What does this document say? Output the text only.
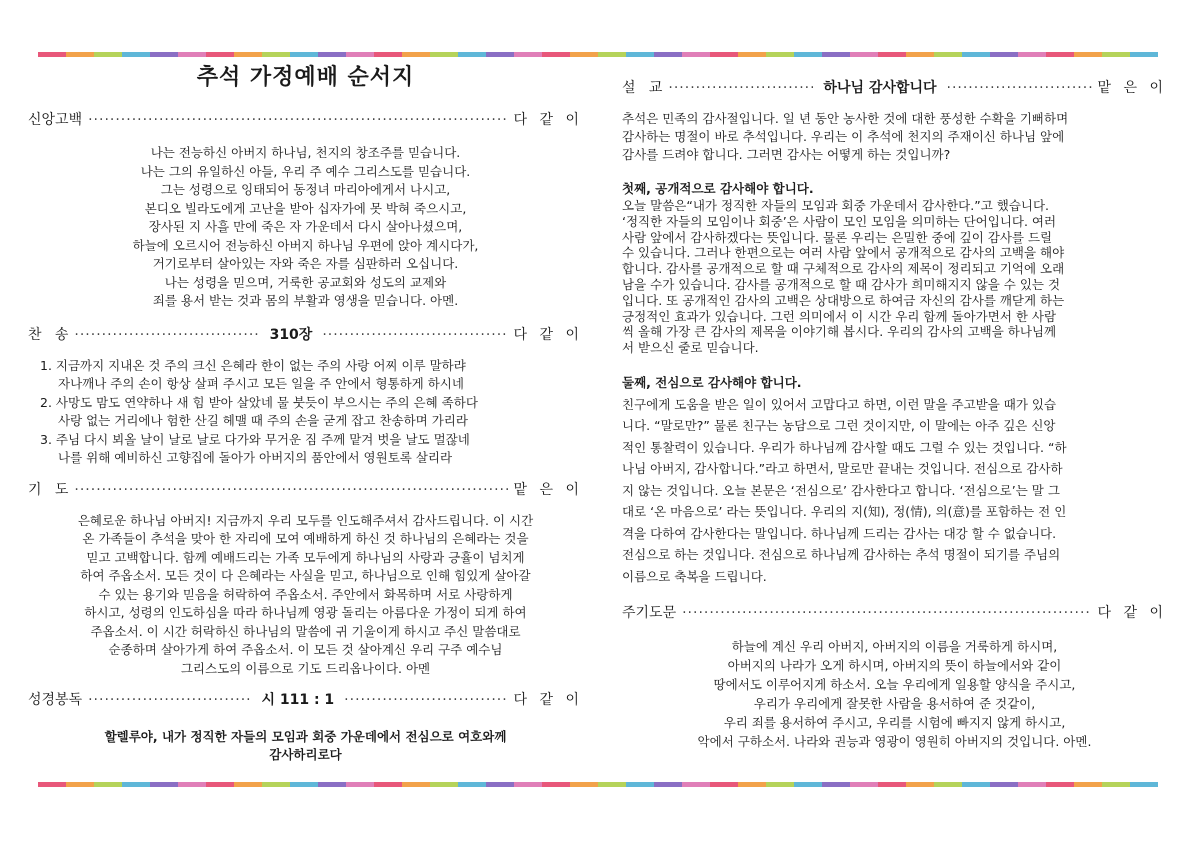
추석 가정예배 순서지
신앙고백 ·····	다 같 이

나는 전능하신 아버지 하나님, 천지의 창조주를 믿습니다.

나는 그의 유일하신 아들, 우리 주 예수 그리스도를 믿습니다.

그는 성령으로 잉태되어 동정녀 마리아에게서 나시고,

본디오 빌라도에게 고난을 받아 십자가에 못 박혀 죽으시고,

장사된 지 사흘 만에 죽은 자 가운데서 다시 살아나셨으며,

하늘에 오르시어 전능하신 아버지 하나님 우편에 앉아 계시다가,

거기로부터 살아있는 자와 죽은 자를 심판하러 오십니다.

나는 성령을 믿으며, 거룩한 공교회와 성도의 교제와

죄를 용서 받는 것과 몸의 부활과 영생을 믿습니다. 아멘.

찬   송 ·····	310장 ·····	다 같 이

1. 지금까지 지내온 것 주의 크신 은혜라 한이 없는 주의 사랑 어찌 이루 말하랴

자나깨나 주의 손이 항상 살펴 주시고 모든 일을 주 안에서 형통하게 하시네

2. 사망도 맘도 연약하나 새 힘 받아 살았네 물 붓듯이 부으시는 주의 은혜 족하다

사랑 없는 거리에나 험한 산길 헤맬 때 주의 손을 굳게 잡고 찬송하며 가리라

3. 주님 다시 뵈올 날이 날로 날로 다가와 무거운 짐 주께 맡겨 벗을 날도 멀잖네

나를 위해 예비하신 고향집에 돌아가 아버지의 품안에서 영원토록 살리라

기   도 ·····	맡 은 이

은혜로운 하나님 아버지! 지금까지 우리 모두를 인도해주셔서 감사드립니다. 이 시간

온 가족들이 추석을 맞아 한 자리에 모여 예배하게 하신 것 하나님의 은혜라는 것을

믿고 고백합니다. 함께 예배드리는 가족 모두에게 하나님의 사랑과 긍휼이 넘치게

하여 주옵소서. 모든 것이 다 은혜라는 사실을 믿고, 하나님으로 인해 힘있게 살아갈

수 있는 용기와 믿음을 허락하여 주옵소서. 주안에서 화목하며 서로 사랑하게

하시고, 성령의 인도하심을 따라 하나님께 영광 돌리는 아름다운 가정이 되게 하여

주옵소서. 이 시간 허락하신 하나님의 말씀에 귀 기울이게 하시고 주신 말씀대로

순종하며 살아가게 하여 주옵소서. 이 모든 것 살아계신 우리 구주 예수님

그리스도의 이름으로 기도 드리옵나이다. 아멘

성경봉독 ·····	시 111 : 1 ·····	다 같 이

할렐루야, 내가 정직한 자들의 모임과 회중 가운데에서 전심으로 여호와께

감사하리로다

설   교 ·····	하나님 감사합니다 ·····	맡 은 이

추석은 민족의 감사절입니다. 일 년 동안 농사한 것에 대한 풍성한 수확을 기뻐하며

감사하는 명절이 바로 추석입니다. 우리는 이 추석에 천지의 주재이신 하나님 앞에

감사를 드려야 합니다. 그러면 감사는 어떻게 하는 것입니까?

첫째, 공개적으로 감사해야 합니다.

오늘 말씀은“내가 정직한 자들의 모임과 회중 가운데서 감사한다.”고 했습니다.

‘정직한 자들의 모임이나 회중’은 사람이 모인 모임을 의미하는 단어입니다. 여러

사람 앞에서 감사하겠다는 뜻입니다. 물론 우리는 은밀한 중에 깊이 감사를 드릴

수 있습니다. 그러나 한편으로는 여러 사람 앞에서 공개적으로 감사의 고백을 해야

합니다. 감사를 공개적으로 할 때 구체적으로 감사의 제목이 정리되고 기억에 오래

남을 수가 있습니다. 감사를 공개적으로 할 때 감사가 희미해지지 않을 수 있는 것

입니다. 또 공개적인 감사의 고백은 상대방으로 하여금 자신의 감사를 깨닫게 하는

긍정적인 효과가 있습니다. 그런 의미에서 이 시간 우리 함께 돌아가면서 한 사람

씩 올해 가장 큰 감사의 제목을 이야기해 봅시다. 우리의 감사의 고백을 하나님께

서 받으신 줄로 믿습니다.

둘째, 전심으로 감사해야 합니다.

친구에게 도움을 받은 일이 있어서 고맙다고 하면, 이런 말을 주고받을 때가 있습

니다. “말로만?” 물론 친구는 농담으로 그런 것이지만, 이 말에는 아주 깊은 신앙

적인 통찰력이 있습니다. 우리가 하나님께 감사할 때도 그럴 수 있는 것입니다. “하

나님 아버지, 감사합니다.”라고 하면서, 말로만 끝내는 것입니다. 전심으로 감사하

지 않는 것입니다. 오늘 본문은 ‘전심으로’ 감사한다고 합니다. ‘전심으로’는 말 그

대로 ‘온 마음으로’ 라는 뜻입니다. 우리의 지(知), 정(情), 의(意)를 포함하는 전 인

격을 다하여 감사한다는 말입니다. 하나님께 드리는 감사는 대강 할 수 없습니다.

전심으로 하는 것입니다. 전심으로 하나님께 감사하는 추석 명절이 되기를 주님의

이름으로 축복을 드립니다.

주기도문 ·····	다 같 이

하늘에 계신 우리 아버지, 아버지의 이름을 거룩하게 하시며,

아버지의 나라가 오게 하시며, 아버지의 뜻이 하늘에서와 같이

땅에서도 이루어지게 하소서. 오늘 우리에게 일용할 양식을 주시고,

우리가 우리에게 잘못한 사람을 용서하여 준 것같이,

우리 죄를 용서하여 주시고, 우리를 시험에 빠지지 않게 하시고,

악에서 구하소서. 나라와 권능과 영광이 영원히 아버지의 것입니다. 아멘.
